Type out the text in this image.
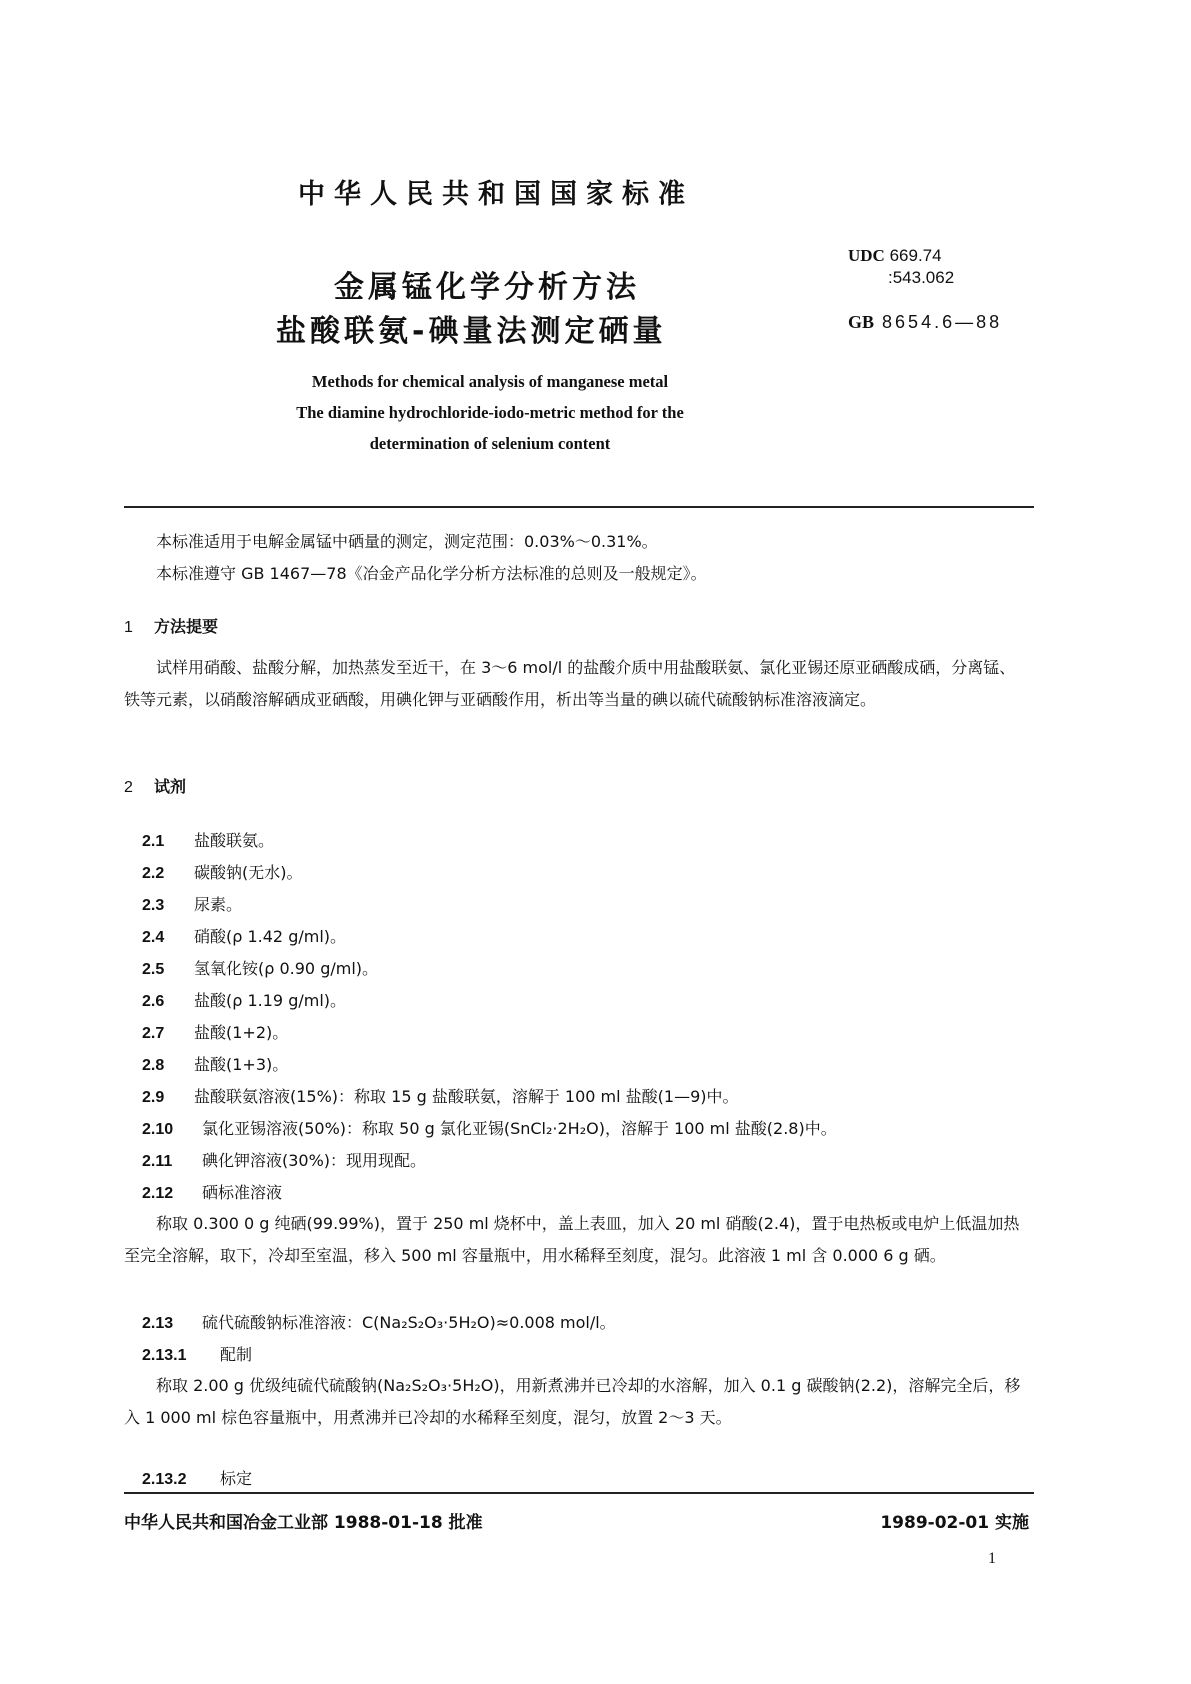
中华人民共和国国家标准
金属锰化学分析方法
盐酸联氨-碘量法测定硒量
UDC 669.74
:543.062
GB 8654.6—88
Methods for chemical analysis of manganese metal
The diamine hydrochloride-iodo-metric method for the
determination of selenium content
本标准适用于电解金属锰中硒量的测定，测定范围：0.03%～0.31%。
本标准遵守 GB 1467—78《冶金产品化学分析方法标准的总则及一般规定》。
1 方法提要
试样用硝酸、盐酸分解，加热蒸发至近干，在 3～6 mol/l 的盐酸介质中用盐酸联氨、氯化亚锡还原亚硒酸成硒，分离锰、铁等元素，以硝酸溶解硒成亚硒酸，用碘化钾与亚硒酸作用，析出等当量的碘以硫代硫酸钠标准溶液滴定。
2 试剂
2.1 盐酸联氨。
2.2 碳酸钠(无水)。
2.3 尿素。
2.4 硝酸(ρ 1.42 g/ml)。
2.5 氢氧化铵(ρ 0.90 g/ml)。
2.6 盐酸(ρ 1.19 g/ml)。
2.7 盐酸(1+2)。
2.8 盐酸(1+3)。
2.9 盐酸联氨溶液(15%)：称取 15 g 盐酸联氨，溶解于 100 ml 盐酸(1—9)中。
2.10 氯化亚锡溶液(50%)：称取 50 g 氯化亚锡(SnCl₂·2H₂O)，溶解于 100 ml 盐酸(2.8)中。
2.11 碘化钾溶液(30%)：现用现配。
2.12 硒标准溶液
称取 0.300 0 g 纯硒(99.99%)，置于 250 ml 烧杯中，盖上表皿，加入 20 ml 硝酸(2.4)，置于电热板或电炉上低温加热至完全溶解，取下，冷却至室温，移入 500 ml 容量瓶中，用水稀释至刻度，混匀。此溶液 1 ml 含 0.000 6 g 硒。
2.13 硫代硫酸钠标准溶液：C(Na₂S₂O₃·5H₂O)≈0.008 mol/l。
2.13.1 配制
称取 2.00 g 优级纯硫代硫酸钠(Na₂S₂O₃·5H₂O)，用新煮沸并已冷却的水溶解，加入 0.1 g 碳酸钠(2.2)，溶解完全后，移入 1 000 ml 棕色容量瓶中，用煮沸并已冷却的水稀释至刻度，混匀，放置 2～3 天。
2.13.2 标定
中华人民共和国冶金工业部 1988-01-18 批准	1989-02-01 实施
1
